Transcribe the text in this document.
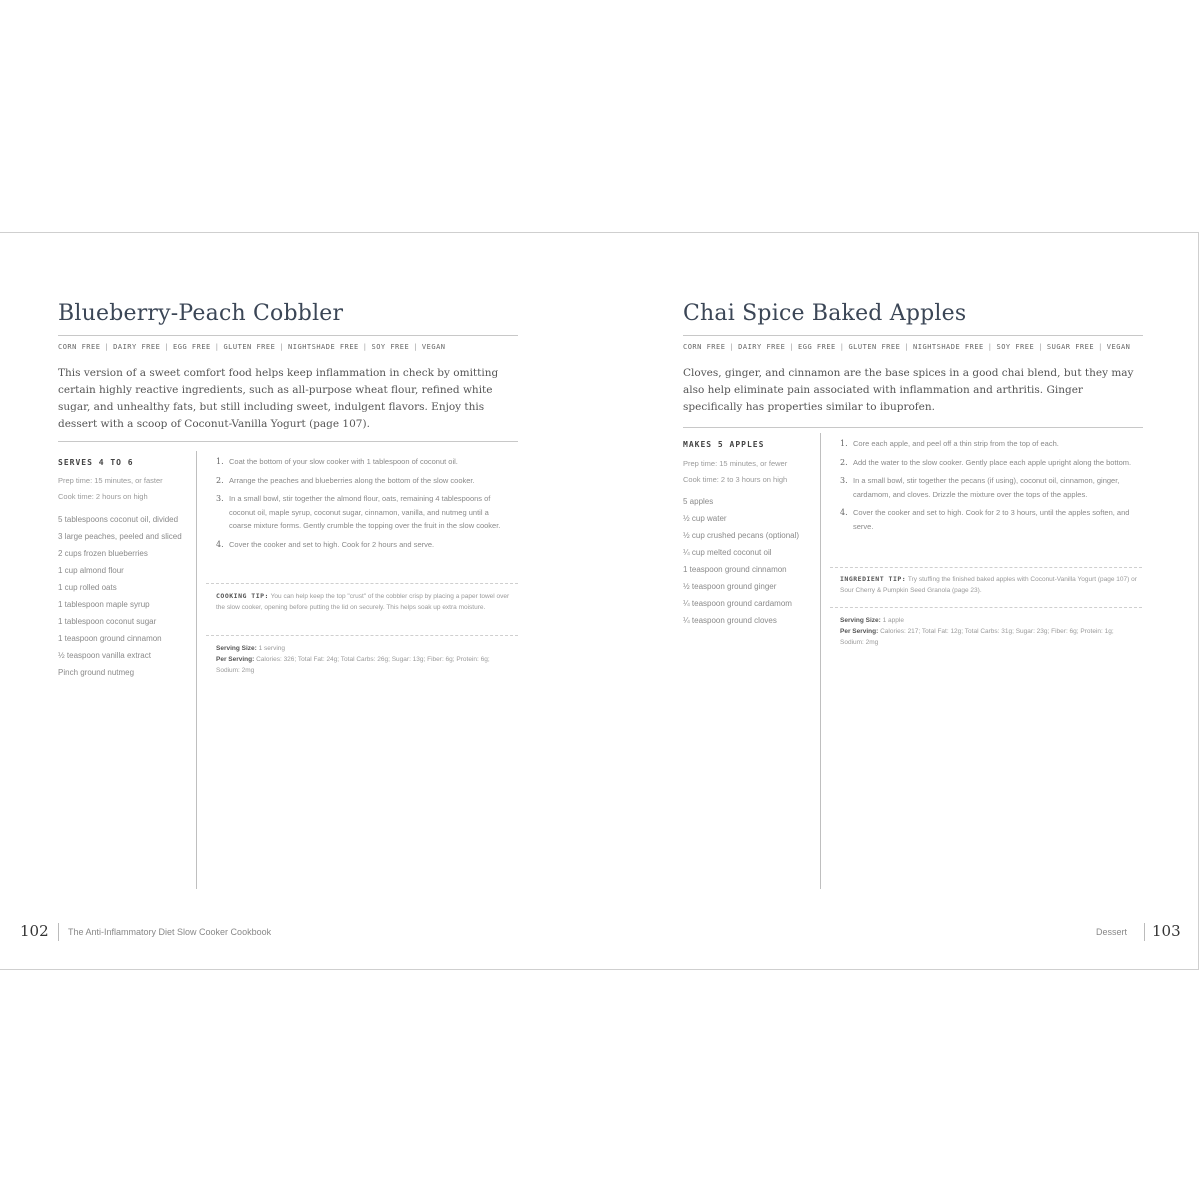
Blueberry-Peach Cobbler
CORN FREE | DAIRY FREE | EGG FREE | GLUTEN FREE | NIGHTSHADE FREE | SOY FREE | VEGAN
This version of a sweet comfort food helps keep inflammation in check by omitting certain highly reactive ingredients, such as all-purpose wheat flour, refined white sugar, and unhealthy fats, but still including sweet, indulgent flavors. Enjoy this dessert with a scoop of Coconut-Vanilla Yogurt (page 107).
SERVES 4 TO 6
Prep time: 15 minutes, or faster
Cook time: 2 hours on high
5 tablespoons coconut oil, divided
3 large peaches, peeled and sliced
2 cups frozen blueberries
1 cup almond flour
1 cup rolled oats
1 tablespoon maple syrup
1 tablespoon coconut sugar
1 teaspoon ground cinnamon
½ teaspoon vanilla extract
Pinch ground nutmeg
1. Coat the bottom of your slow cooker with 1 tablespoon of coconut oil.
2. Arrange the peaches and blueberries along the bottom of the slow cooker.
3. In a small bowl, stir together the almond flour, oats, remaining 4 tablespoons of coconut oil, maple syrup, coconut sugar, cinnamon, vanilla, and nutmeg until a coarse mixture forms. Gently crumble the topping over the fruit in the slow cooker.
4. Cover the cooker and set to high. Cook for 2 hours and serve.
COOKING TIP: You can help keep the top "crust" of the cobbler crisp by placing a paper towel over the slow cooker, opening before putting the lid on securely. This helps soak up extra moisture.
Serving Size: 1 serving
Per Serving: Calories: 326; Total Fat: 24g; Total Carbs: 26g; Sugar: 13g; Fiber: 6g; Protein: 6g; Sodium: 2mg
102 The Anti-Inflammatory Diet Slow Cooker Cookbook
Chai Spice Baked Apples
CORN FREE | DAIRY FREE | EGG FREE | GLUTEN FREE | NIGHTSHADE FREE | SOY FREE | SUGAR FREE | VEGAN
Cloves, ginger, and cinnamon are the base spices in a good chai blend, but they may also help eliminate pain associated with inflammation and arthritis. Ginger specifically has properties similar to ibuprofen.
MAKES 5 APPLES
Prep time: 15 minutes, or fewer
Cook time: 2 to 3 hours on high
5 apples
½ cup water
½ cup crushed pecans (optional)
¼ cup melted coconut oil
1 teaspoon ground cinnamon
½ teaspoon ground ginger
¼ teaspoon ground cardamom
¼ teaspoon ground cloves
1. Core each apple, and peel off a thin strip from the top of each.
2. Add the water to the slow cooker. Gently place each apple upright along the bottom.
3. In a small bowl, stir together the pecans (if using), coconut oil, cinnamon, ginger, cardamom, and cloves. Drizzle the mixture over the tops of the apples.
4. Cover the cooker and set to high. Cook for 2 to 3 hours, until the apples soften, and serve.
INGREDIENT TIP: Try stuffing the finished baked apples with Coconut-Vanilla Yogurt (page 107) or Sour Cherry & Pumpkin Seed Granola (page 23).
Serving Size: 1 apple
Per Serving: Calories: 217; Total Fat: 12g; Total Carbs: 31g; Sugar: 23g; Fiber: 6g; Protein: 1g; Sodium: 2mg
Dessert 103
